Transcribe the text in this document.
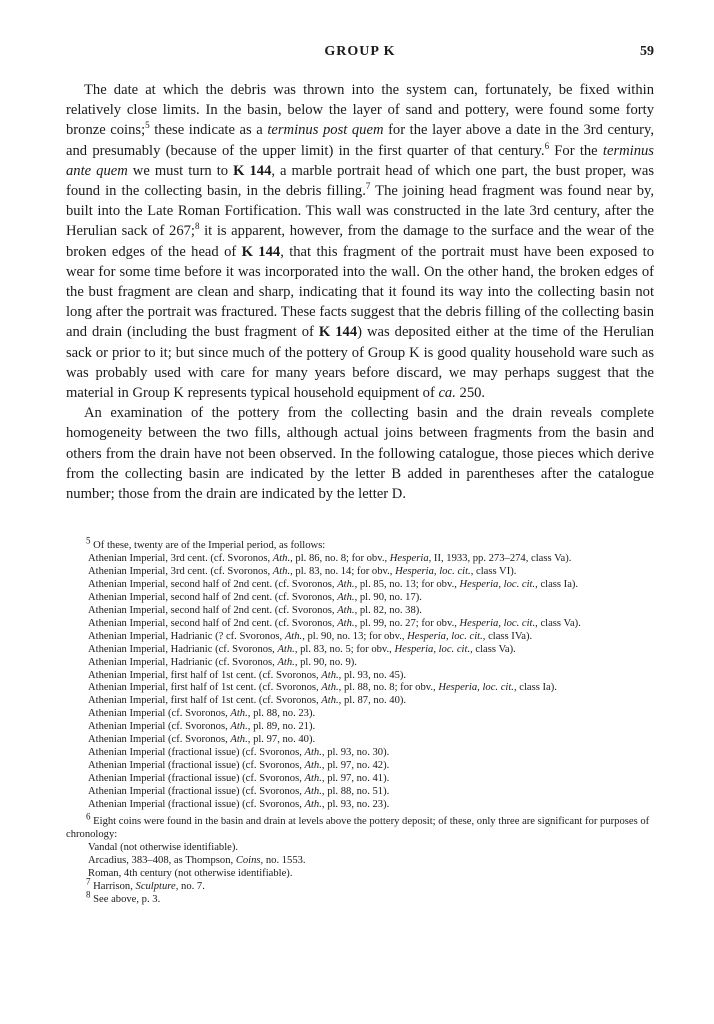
GROUP K	59

The date at which the debris was thrown into the system can, fortunately, be fixed within relatively close limits. In the basin, below the layer of sand and pottery, were found some forty bronze coins;$^5$ these indicate as a terminus post quem for the layer above a date in the 3rd century, and presumably (because of the upper limit) in the first quarter of that century.$^6$ For the terminus ante quem we must turn to K 144, a marble portrait head of which one part, the bust proper, was found in the collecting basin, in the debris filling.$^7$ The joining head fragment was found near by, built into the Late Roman Fortification. This wall was constructed in the late 3rd century, after the Herulian sack of 267;$^8$ it is apparent, however, from the damage to the surface and the wear of the broken edges of the head of K 144, that this fragment of the portrait must have been exposed to wear for some time before it was incorporated into the wall. On the other hand, the broken edges of the bust fragment are clean and sharp, indicating that it found its way into the collecting basin not long after the portrait was fractured. These facts suggest that the debris filling of the collecting basin and drain (including the bust fragment of K 144) was deposited either at the time of the Herulian sack or prior to it; but since much of the pottery of Group K is good quality household ware such as was probably used with care for many years before discard, we may perhaps suggest that the material in Group K represents typical household equipment of ca. 250.

An examination of the pottery from the collecting basin and the drain reveals complete homogeneity between the two fills, although actual joins between fragments from the basin and others from the drain have not been observed. In the following catalogue, those pieces which derive from the collecting basin are indicated by the letter B added in parentheses after the catalogue number; those from the drain are indicated by the letter D.

$^5$ Of these, twenty are of the Imperial period, as follows:

Athenian Imperial, 3rd cent. (cf. Svoronos, Ath., pl. 86, no. 8; for obv., Hesperia, II, 1933, pp. 273–274, class Va).

Athenian Imperial, 3rd cent. (cf. Svoronos, Ath., pl. 83, no. 14; for obv., Hesperia, loc. cit., class VI).

Athenian Imperial, second half of 2nd cent. (cf. Svoronos, Ath., pl. 85, no. 13; for obv., Hesperia, loc. cit., class Ia).

Athenian Imperial, second half of 2nd cent. (cf. Svoronos, Ath., pl. 90, no. 17).

Athenian Imperial, second half of 2nd cent. (cf. Svoronos, Ath., pl. 82, no. 38).

Athenian Imperial, second half of 2nd cent. (cf. Svoronos, Ath., pl. 99, no. 27; for obv., Hesperia, loc. cit., class Va).

Athenian Imperial, Hadrianic (? cf. Svoronos, Ath., pl. 90, no. 13; for obv., Hesperia, loc. cit., class IVa).

Athenian Imperial, Hadrianic (cf. Svoronos, Ath., pl. 83, no. 5; for obv., Hesperia, loc. cit., class Va).

Athenian Imperial, Hadrianic (cf. Svoronos, Ath., pl. 90, no. 9).

Athenian Imperial, first half of 1st cent. (cf. Svoronos, Ath., pl. 93, no. 45).

Athenian Imperial, first half of 1st cent. (cf. Svoronos, Ath., pl. 88, no. 8; for obv., Hesperia, loc. cit., class Ia).

Athenian Imperial, first half of 1st cent. (cf. Svoronos, Ath., pl. 87, no. 40).

Athenian Imperial (cf. Svoronos, Ath., pl. 88, no. 23).

Athenian Imperial (cf. Svoronos, Ath., pl. 89, no. 21).

Athenian Imperial (cf. Svoronos, Ath., pl. 97, no. 40).

Athenian Imperial (fractional issue) (cf. Svoronos, Ath., pl. 93, no. 30).

Athenian Imperial (fractional issue) (cf. Svoronos, Ath., pl. 97, no. 42).

Athenian Imperial (fractional issue) (cf. Svoronos, Ath., pl. 97, no. 41).

Athenian Imperial (fractional issue) (cf. Svoronos, Ath., pl. 88, no. 51).

Athenian Imperial (fractional issue) (cf. Svoronos, Ath., pl. 93, no. 23).

$^6$ Eight coins were found in the basin and drain at levels above the pottery deposit; of these, only three are significant for purposes of chronology:

Vandal (not otherwise identifiable).

Arcadius, 383–408, as Thompson, Coins, no. 1553.

Roman, 4th century (not otherwise identifiable).

$^7$ Harrison, Sculpture, no. 7.

$^8$ See above, p. 3.
